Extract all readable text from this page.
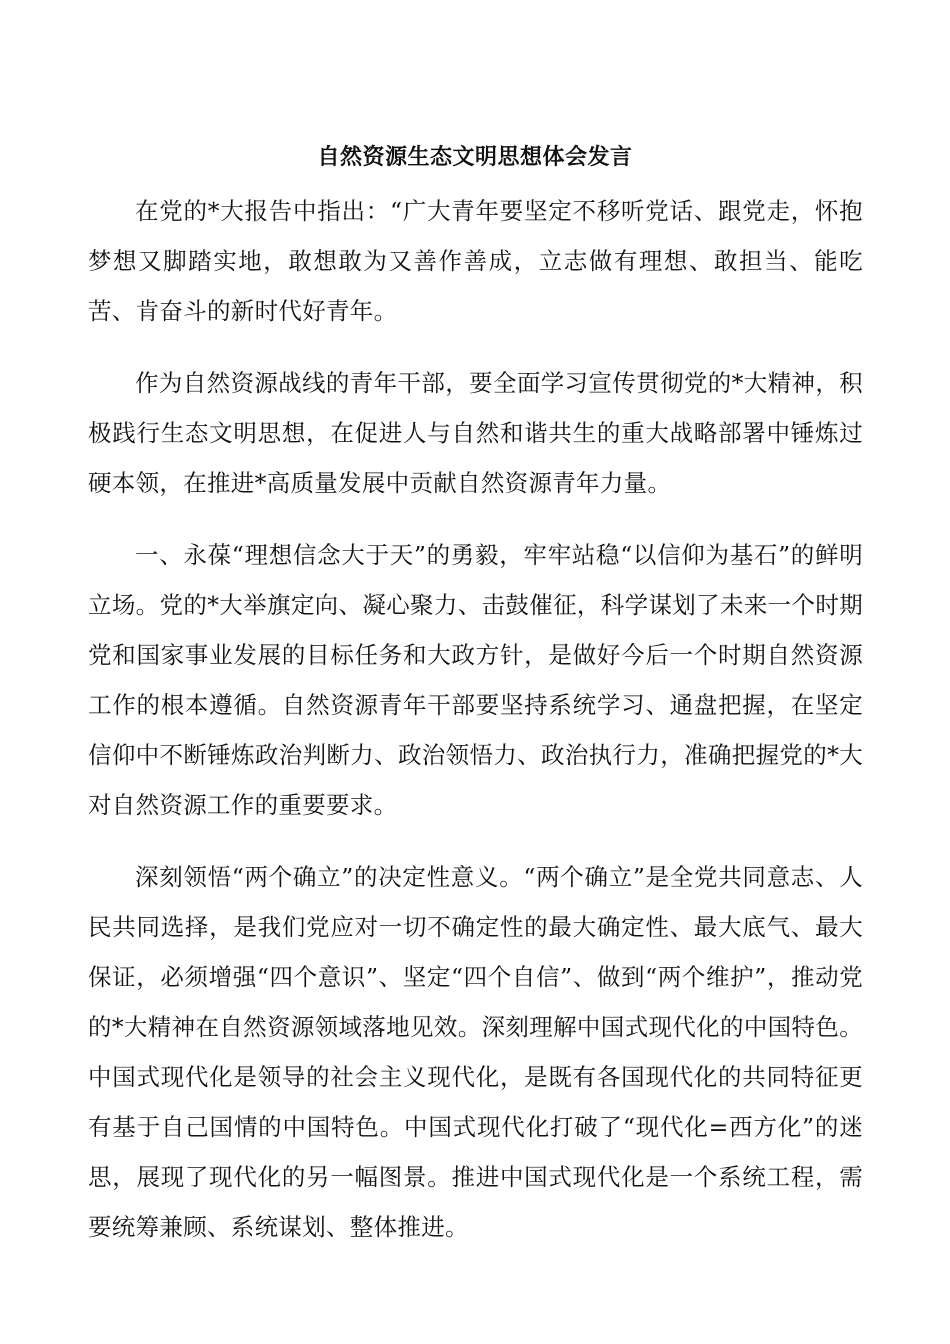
自然资源生态文明思想体会发言

在党的*大报告中指出：“广大青年要坚定不移听党话、跟党走，怀抱梦想又脚踏实地，敢想敢为又善作善成，立志做有理想、敢担当、能吃苦、肯奋斗的新时代好青年。

作为自然资源战线的青年干部，要全面学习宣传贯彻党的*大精神，积极践行生态文明思想，在促进人与自然和谐共生的重大战略部署中锤炼过硬本领，在推进*高质量发展中贡献自然资源青年力量。

一、永葆“理想信念大于天”的勇毅，牢牢站稳“以信仰为基石”的鲜明立场。党的*大举旗定向、凝心聚力、击鼓催征，科学谋划了未来一个时期党和国家事业发展的目标任务和大政方针，是做好今后一个时期自然资源工作的根本遵循。自然资源青年干部要坚持系统学习、通盘把握，在坚定信仰中不断锤炼政治判断力、政治领悟力、政治执行力，准确把握党的*大对自然资源工作的重要要求。

深刻领悟“两个确立”的决定性意义。“两个确立”是全党共同意志、人民共同选择，是我们党应对一切不确定性的最大确定性、最大底气、最大保证，必须增强“四个意识”、坚定“四个自信”、做到“两个维护”，推动党的*大精神在自然资源领域落地见效。深刻理解中国式现代化的中国特色。中国式现代化是领导的社会主义现代化，是既有各国现代化的共同特征更有基于自己国情的中国特色。中国式现代化打破了“现代化=西方化”的迷思，展现了现代化的另一幅图景。推进中国式现代化是一个系统工程，需要统筹兼顾、系统谋划、整体推进。
